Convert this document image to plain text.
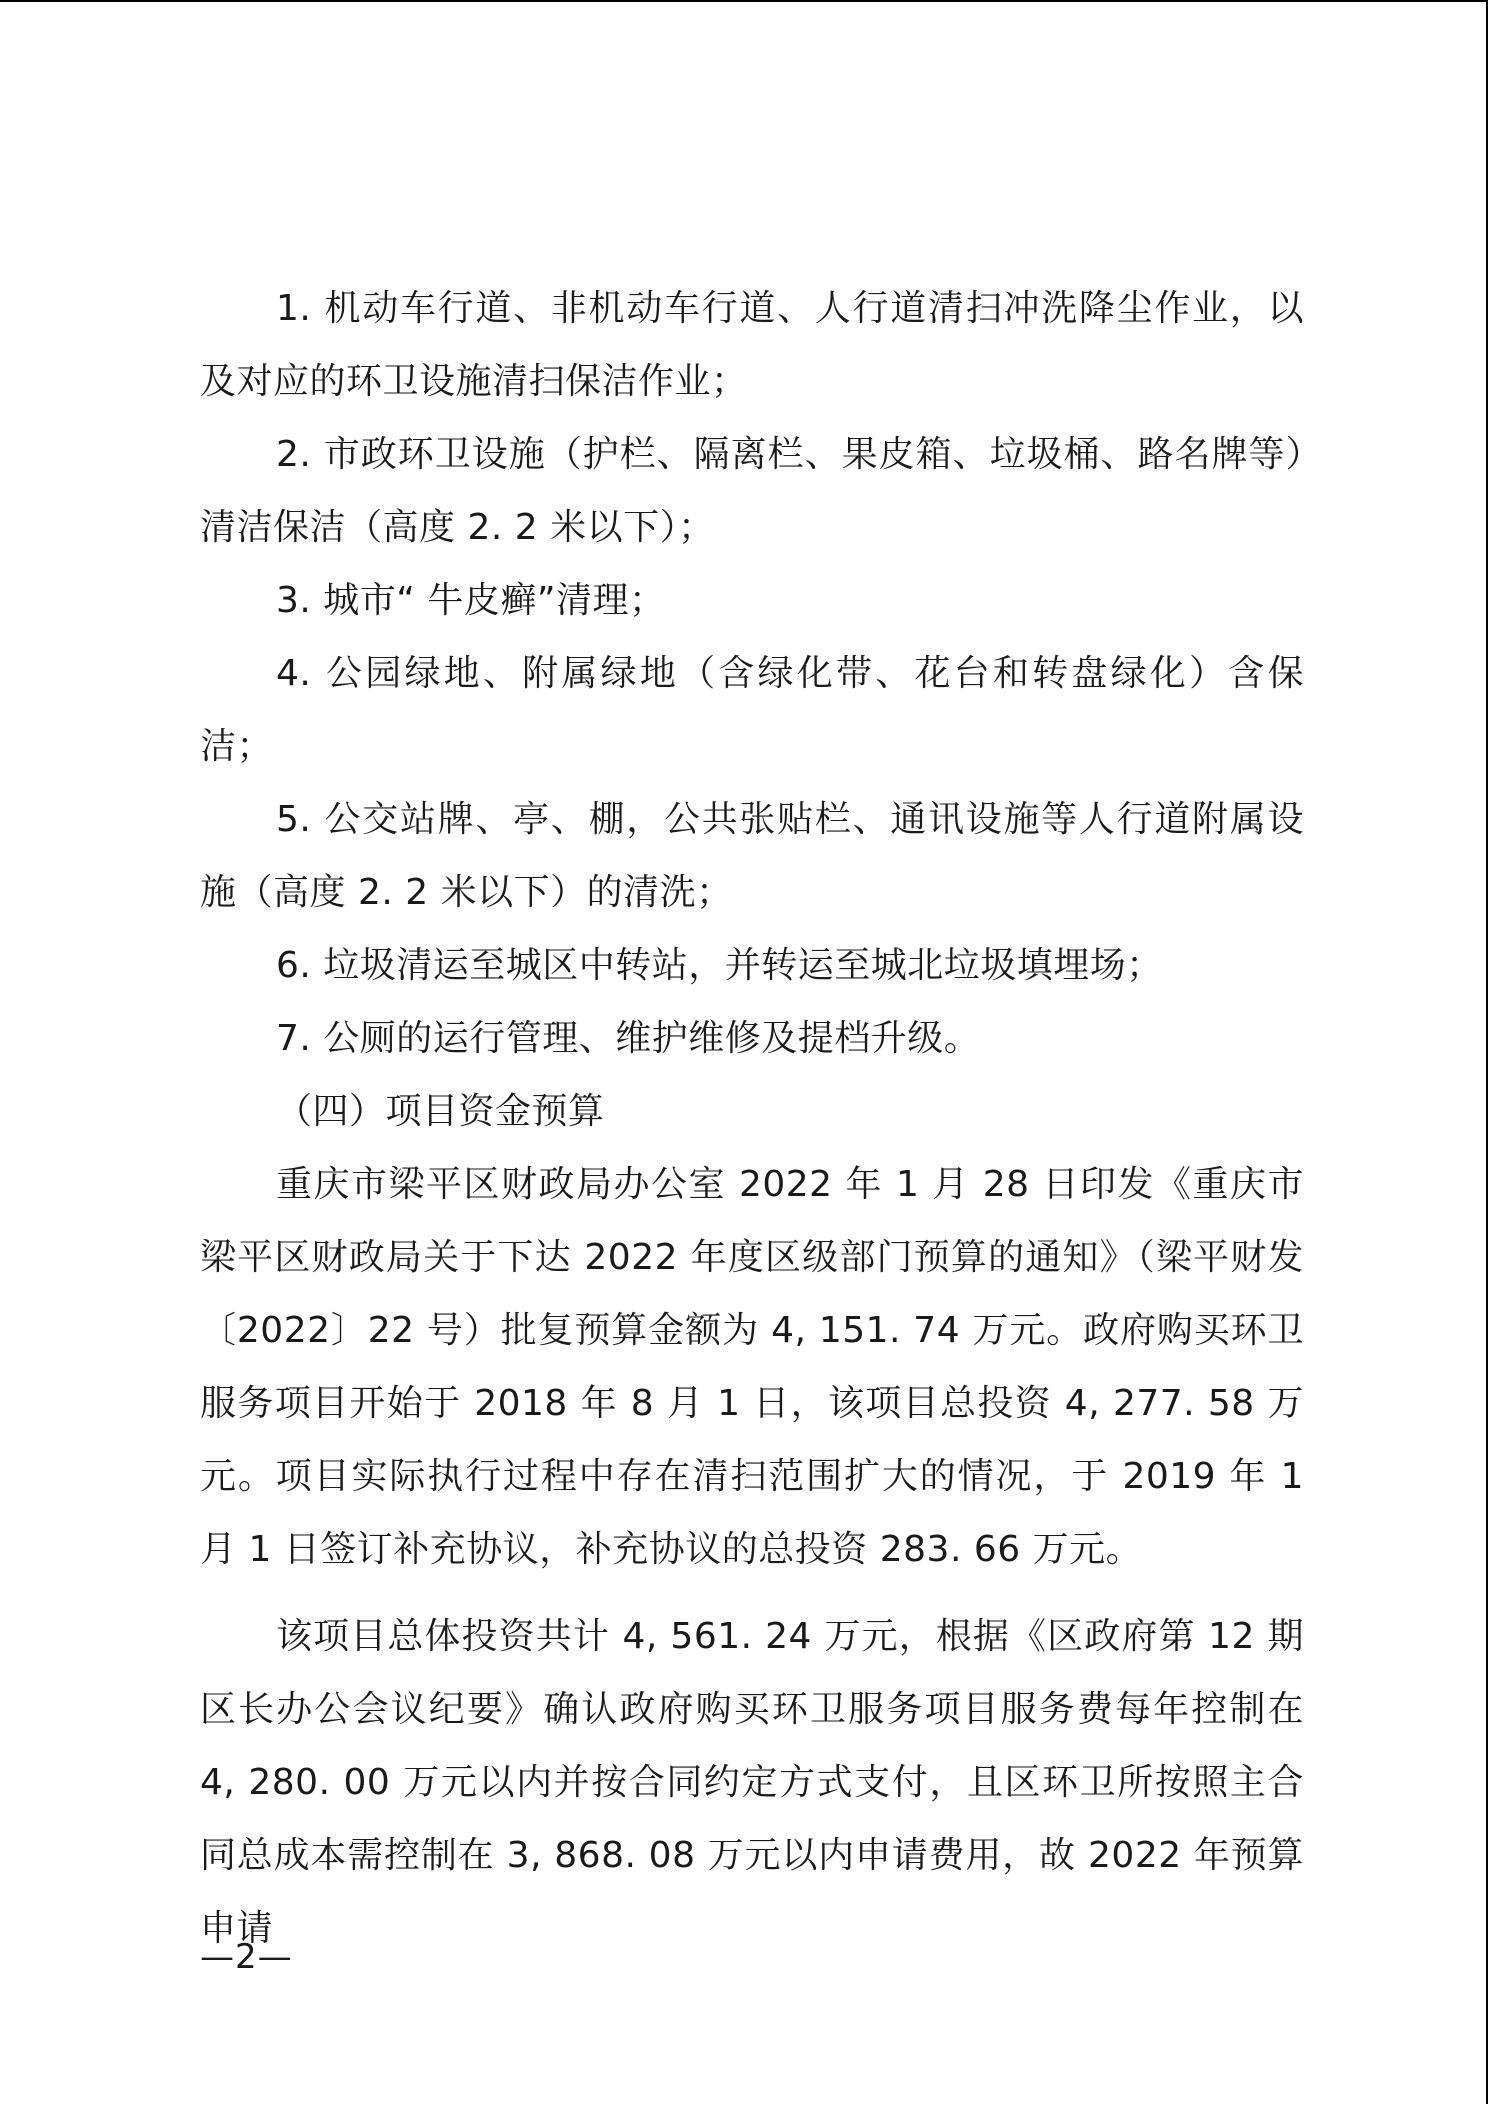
1. 机动车行道、非机动车行道、人行道清扫冲洗降尘作业，以及对应的环卫设施清扫保洁作业；

2. 市政环卫设施（护栏、隔离栏、果皮箱、垃圾桶、路名牌等）清洁保洁（高度 2. 2 米以下）；

3. 城市“ 牛皮癣”清理；

4. 公园绿地、附属绿地（含绿化带、花台和转盘绿化）含保洁；

5. 公交站牌、亭、棚，公共张贴栏、通讯设施等人行道附属设施（高度 2. 2 米以下）的清洗；

6. 垃圾清运至城区中转站，并转运至城北垃圾填埋场；

7. 公厕的运行管理、维护维修及提档升级。

（四）项目资金预算

重庆市梁平区财政局办公室 2022 年 1 月 28 日印发《重庆市梁平区财政局关于下达 2022 年度区级部门预算的通知》（梁平财发〔2022〕22 号）批复预算金额为 4, 151. 74 万元。政府购买环卫服务项目开始于 2018 年 8 月 1 日，该项目总投资 4, 277. 58 万元。项目实际执行过程中存在清扫范围扩大的情况，于 2019 年 1 月 1 日签订补充协议，补充协议的总投资 283. 66 万元。

该项目总体投资共计 4, 561. 24 万元，根据《区政府第 12 期区长办公会议纪要》确认政府购买环卫服务项目服务费每年控制在 4, 280. 00 万元以内并按合同约定方式支付，且区环卫所按照主合同总成本需控制在 3, 868. 08 万元以内申请费用，故 2022 年预算申请

—2—
